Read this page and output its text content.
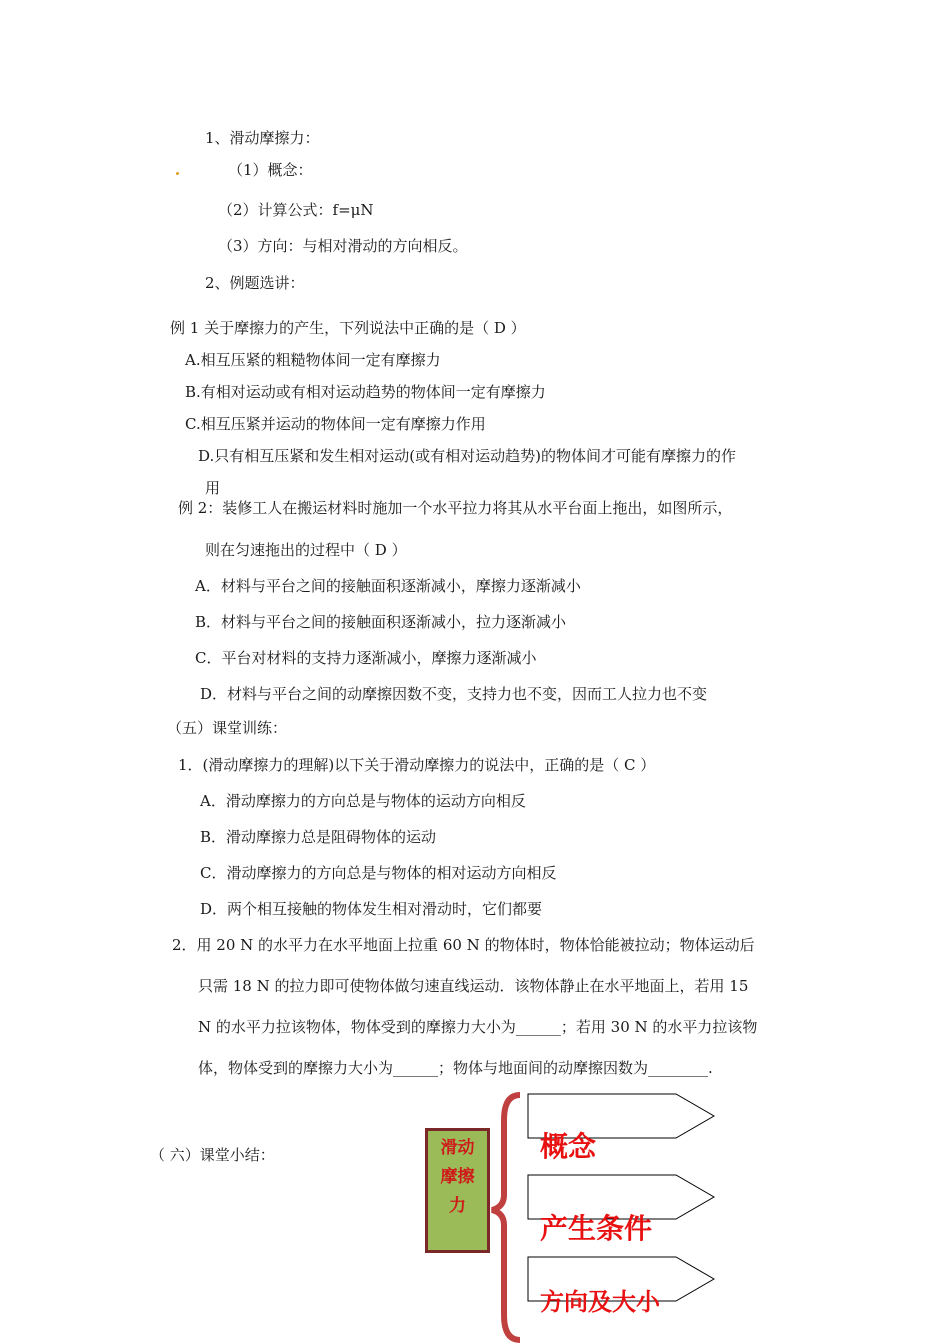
1、滑动摩擦力：
（1）概念：
（2）计算公式：f=μN
（3）方向：与相对滑动的方向相反。
2、例题选讲：
例 1 关于摩擦力的产生，下列说法中正确的是（ D ）
A.相互压紧的粗糙物体间一定有摩擦力
B.有相对运动或有相对运动趋势的物体间一定有摩擦力
C.相互压紧并运动的物体间一定有摩擦力作用
D.只有相互压紧和发生相对运动(或有相对运动趋势)的物体间才可能有摩擦力的作
用
例 2：装修工人在搬运材料时施加一个水平拉力将其从水平台面上拖出，如图所示，
则在匀速拖出的过程中（ D ）
A．材料与平台之间的接触面积逐渐减小，摩擦力逐渐减小
B．材料与平台之间的接触面积逐渐减小，拉力逐渐减小
C．平台对材料的支持力逐渐减小，摩擦力逐渐减小
D．材料与平台之间的动摩擦因数不变，支持力也不变，因而工人拉力也不变
（五）课堂训练：
1．(滑动摩擦力的理解)以下关于滑动摩擦力的说法中，正确的是（ C ）
A．滑动摩擦力的方向总是与物体的运动方向相反
B．滑动摩擦力总是阻碍物体的运动
C．滑动摩擦力的方向总是与物体的相对运动方向相反
D．两个相互接触的物体发生相对滑动时，它们都要
2．用 20 N 的水平力在水平地面上拉重 60 N 的物体时，物体恰能被拉动；物体运动后
只需 18 N 的拉力即可使物体做匀速直线运动．该物体静止在水平地面上，若用 15
N 的水平力拉该物体，物体受到的摩擦力大小为______；若用 30 N 的水平力拉该物
体，物体受到的摩擦力大小为______；物体与地面间的动摩擦因数为________.
（ 六）课堂小结：	滑动
摩擦
力
概念
产生条件
方向及大小
